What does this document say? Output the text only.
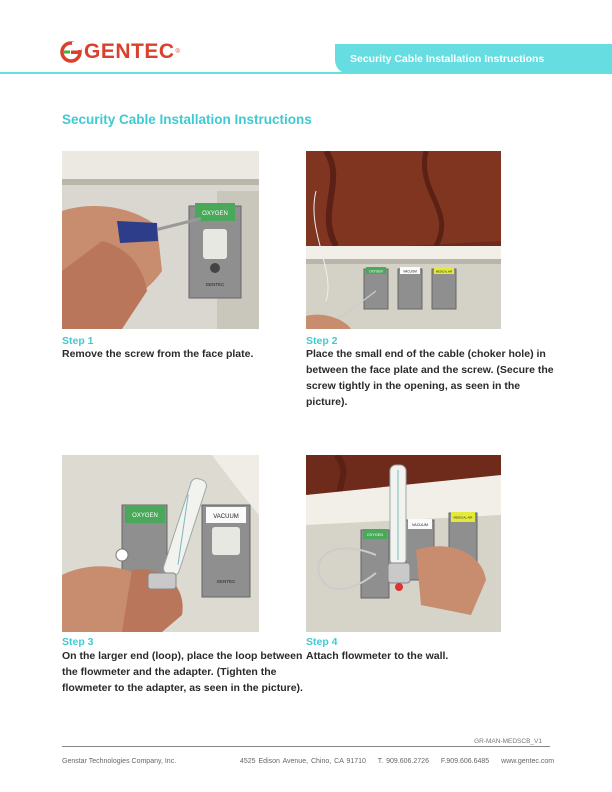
GENTEC ®
Security Cable Installation Instructions
Security Cable Installation Instructions
OXYGEN
GENTEC
OXYGEN	VACUUM	MEDICAL AIR
Step 1
Remove the screw from the face plate.
Step 2
Place the small end of the cable (choker hole) in between the face plate and the screw. (Secure the screw tightly in the opening, as seen in the picture).
OXYGEN	VACUUM
GENTEC
OXYGEN
VACUUM
MEDICAL AIR
Step 3
On the larger end (loop), place the loop between the flowmeter and the adapter. (Tighten the flowmeter to the adapter, as seen in the picture).
Step 4
Attach flowmeter to the wall.
GR-MAN-MEDSCB_V1
Genstar Technologies Company, Inc.	4525 Edison Avenue, Chino, CA 91710 T. 909.606.2726 F.909.606.6485 www.gentec.com
